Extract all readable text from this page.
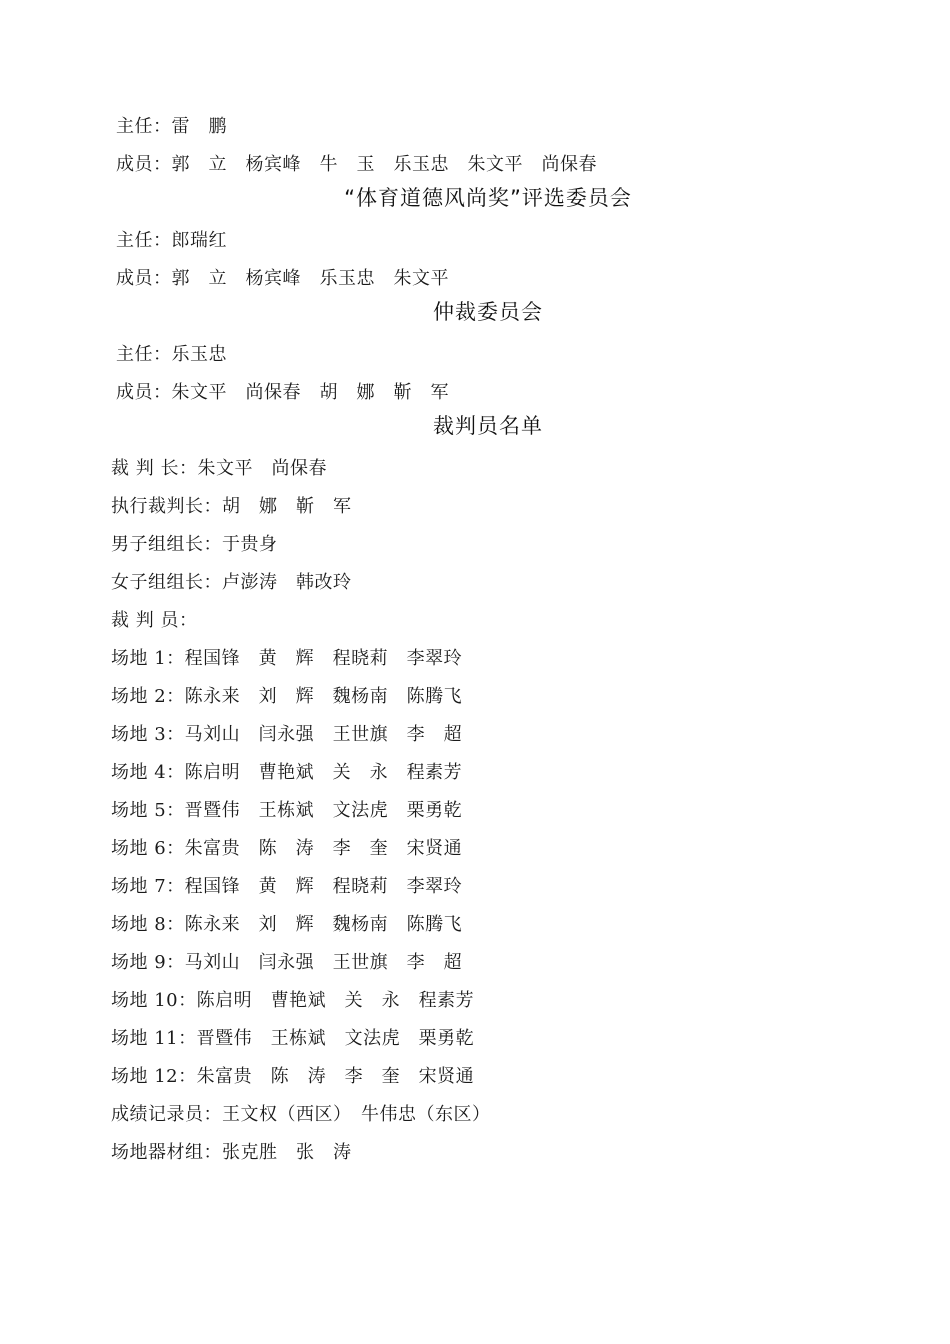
主任：雷　鹏
成员：郭　立　杨宾峰　牛　玉　乐玉忠　朱文平　尚保春
“体育道德风尚奖”评选委员会
主任：郎瑞红
成员：郭　立　杨宾峰　乐玉忠　朱文平
仲裁委员会
主任：乐玉忠
成员：朱文平　尚保春　胡　娜　靳　军
裁判员名单
裁 判 长：朱文平　尚保春
执行裁判长：胡　娜　靳　军
男子组组长：于贵身
女子组组长：卢澎涛　韩改玲
裁 判 员：
场地 1：程国锋　黄　辉　程晓莉　李翠玲
场地 2：陈永来　刘　辉　魏杨南　陈腾飞
场地 3：马刘山　闫永强　王世旗　李　超
场地 4：陈启明　曹艳斌　关　永　程素芳
场地 5：晋暨伟　王栋斌　文法虎　栗勇乾
场地 6：朱富贵　陈　涛　李　奎　宋贤通
场地 7：程国锋　黄　辉　程晓莉　李翠玲
场地 8：陈永来　刘　辉　魏杨南　陈腾飞
场地 9：马刘山　闫永强　王世旗　李　超
场地 10：陈启明　曹艳斌　关　永　程素芳
场地 11：晋暨伟　王栋斌　文法虎　栗勇乾
场地 12：朱富贵　陈　涛　李　奎　宋贤通
成绩记录员：王文权（西区）　牛伟忠（东区）
场地器材组：张克胜　张　涛
